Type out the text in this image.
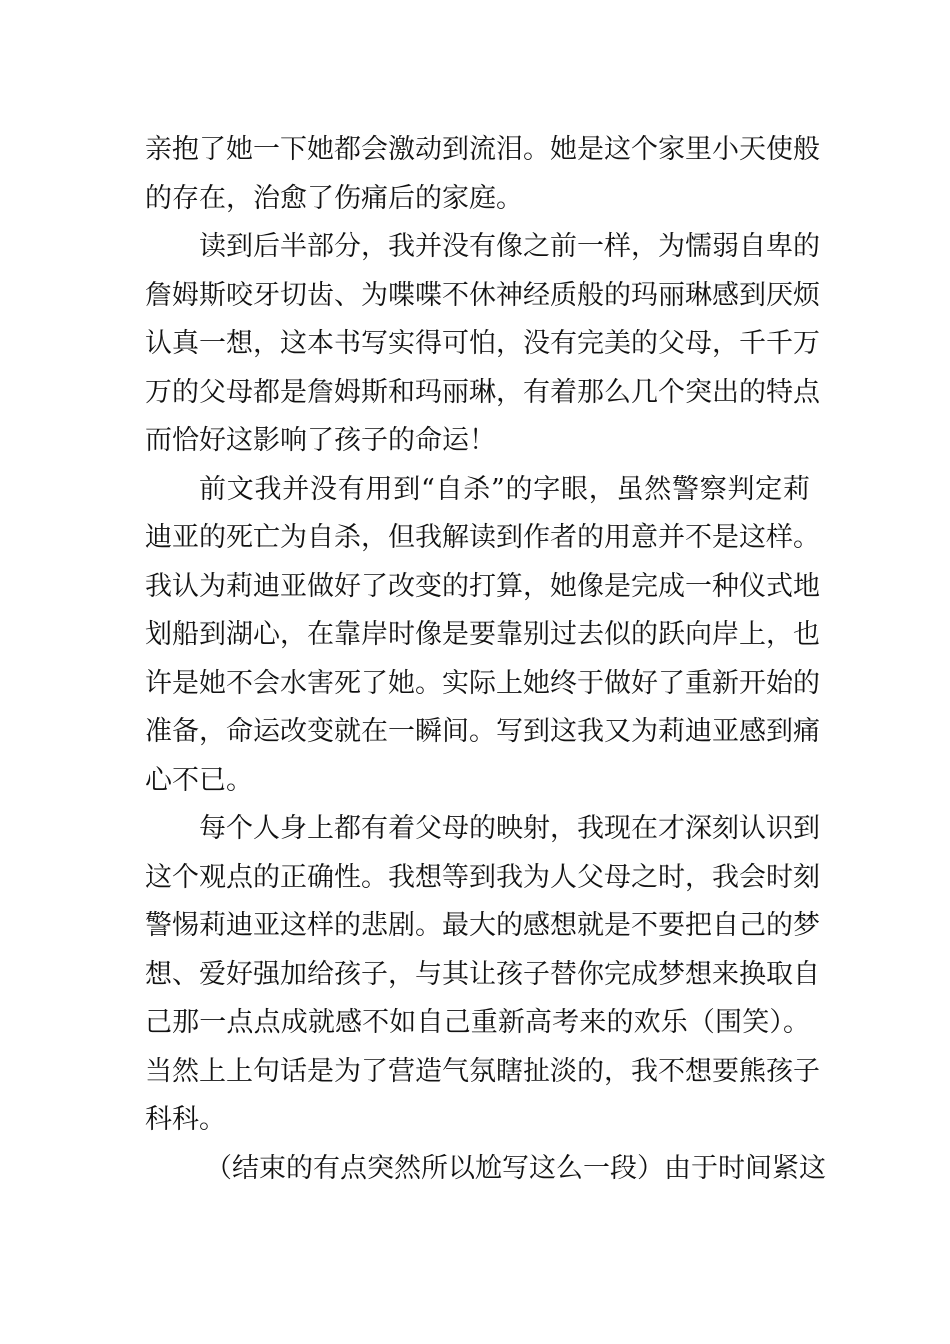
亲抱了她一下她都会激动到流泪。她是这个家里小天使般
的存在，治愈了伤痛后的家庭。
读到后半部分，我并没有像之前一样，为懦弱自卑的
詹姆斯咬牙切齿、为喋喋不休神经质般的玛丽琳感到厌烦
认真一想，这本书写实得可怕，没有完美的父母，千千万
万的父母都是詹姆斯和玛丽琳，有着那么几个突出的特点
而恰好这影响了孩子的命运！
前文我并没有用到“自杀”的字眼，虽然警察判定莉
迪亚的死亡为自杀，但我解读到作者的用意并不是这样。
我认为莉迪亚做好了改变的打算，她像是完成一种仪式地
划船到湖心，在靠岸时像是要靠别过去似的跃向岸上，也
许是她不会水害死了她。实际上她终于做好了重新开始的
准备，命运改变就在一瞬间。写到这我又为莉迪亚感到痛
心不已。
每个人身上都有着父母的映射，我现在才深刻认识到
这个观点的正确性。我想等到我为人父母之时，我会时刻
警惕莉迪亚这样的悲剧。最大的感想就是不要把自己的梦
想、爱好强加给孩子，与其让孩子替你完成梦想来换取自
己那一点点成就感不如自己重新高考来的欢乐（围笑）。
当然上上句话是为了营造气氛瞎扯淡的，我不想要熊孩子
科科。
（结束的有点突然所以尬写这么一段）由于时间紧这
